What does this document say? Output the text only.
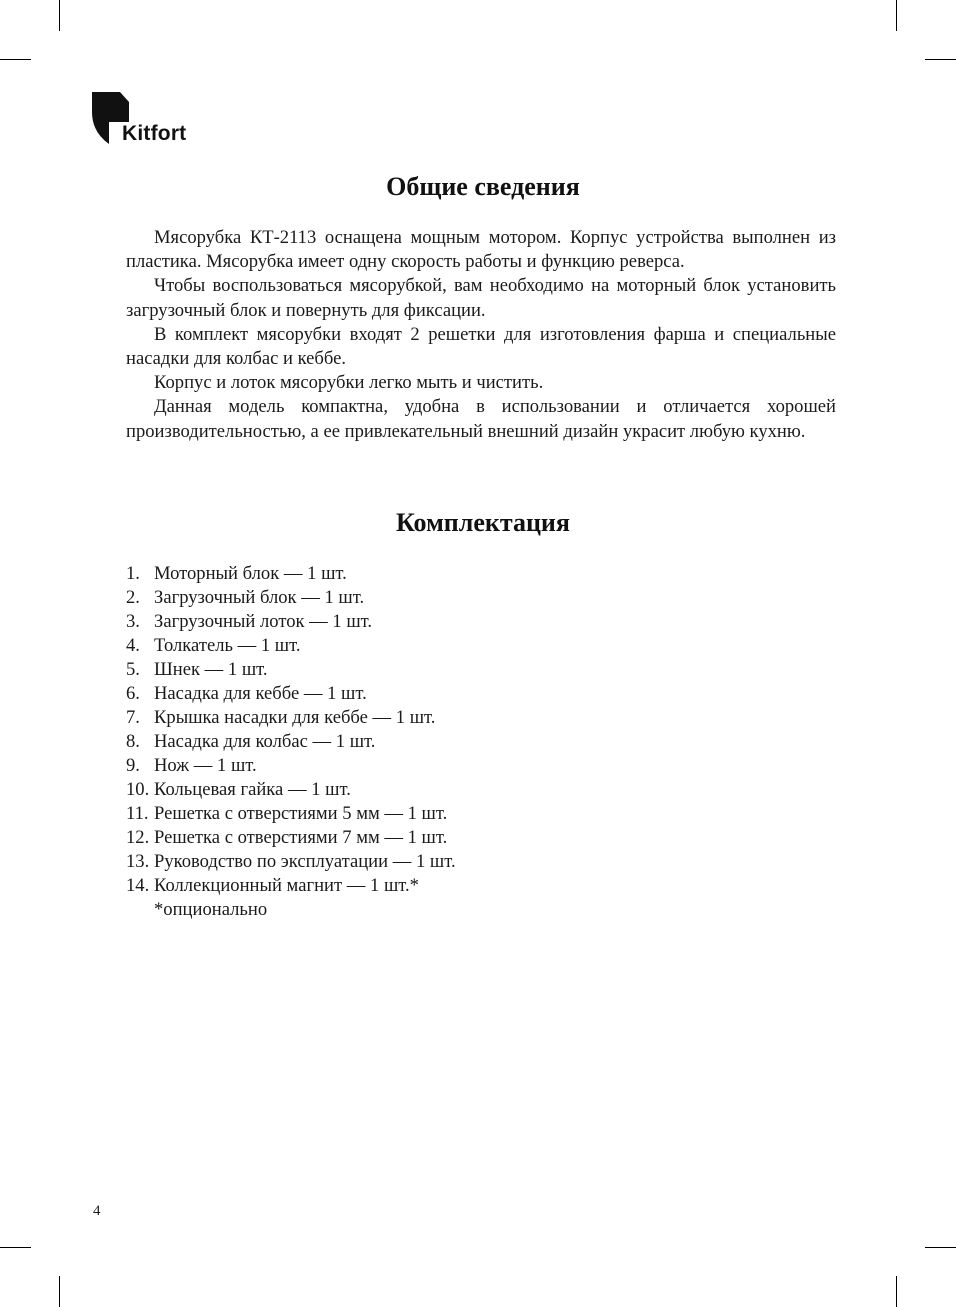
Kitfort
Общие сведения

Мясорубка КТ-2113 оснащена мощным мотором. Корпус устройства выполнен из пластика. Мясорубка имеет одну скорость работы и функцию реверса.

Чтобы воспользоваться мясорубкой, вам необходимо на моторный блок установить загрузочный блок и повернуть для фиксации.

В комплект мясорубки входят 2 решетки для изготовления фарша и специальные насадки для колбас и кеббе.

Корпус и лоток мясорубки легко мыть и чистить.

Данная модель компактна, удобна в использовании и отличается хорошей производительностью, а ее привлекательный внешний дизайн украсит любую кухню.

Комплектация
1. Моторный блок — 1 шт.
2. Загрузочный блок — 1 шт.
3. Загрузочный лоток — 1 шт.
4. Толкатель — 1 шт.
5. Шнек — 1 шт.
6. Насадка для кеббе — 1 шт.
7. Крышка насадки для кеббе — 1 шт.
8. Насадка для колбас — 1 шт.
9. Нож — 1 шт.
10. Кольцевая гайка — 1 шт.
11. Решетка с отверстиями 5 мм — 1 шт.
12. Решетка с отверстиями 7 мм — 1 шт.
13. Руководство по эксплуатации — 1 шт.
14. Коллекционный магнит — 1 шт.*
*опционально
4
